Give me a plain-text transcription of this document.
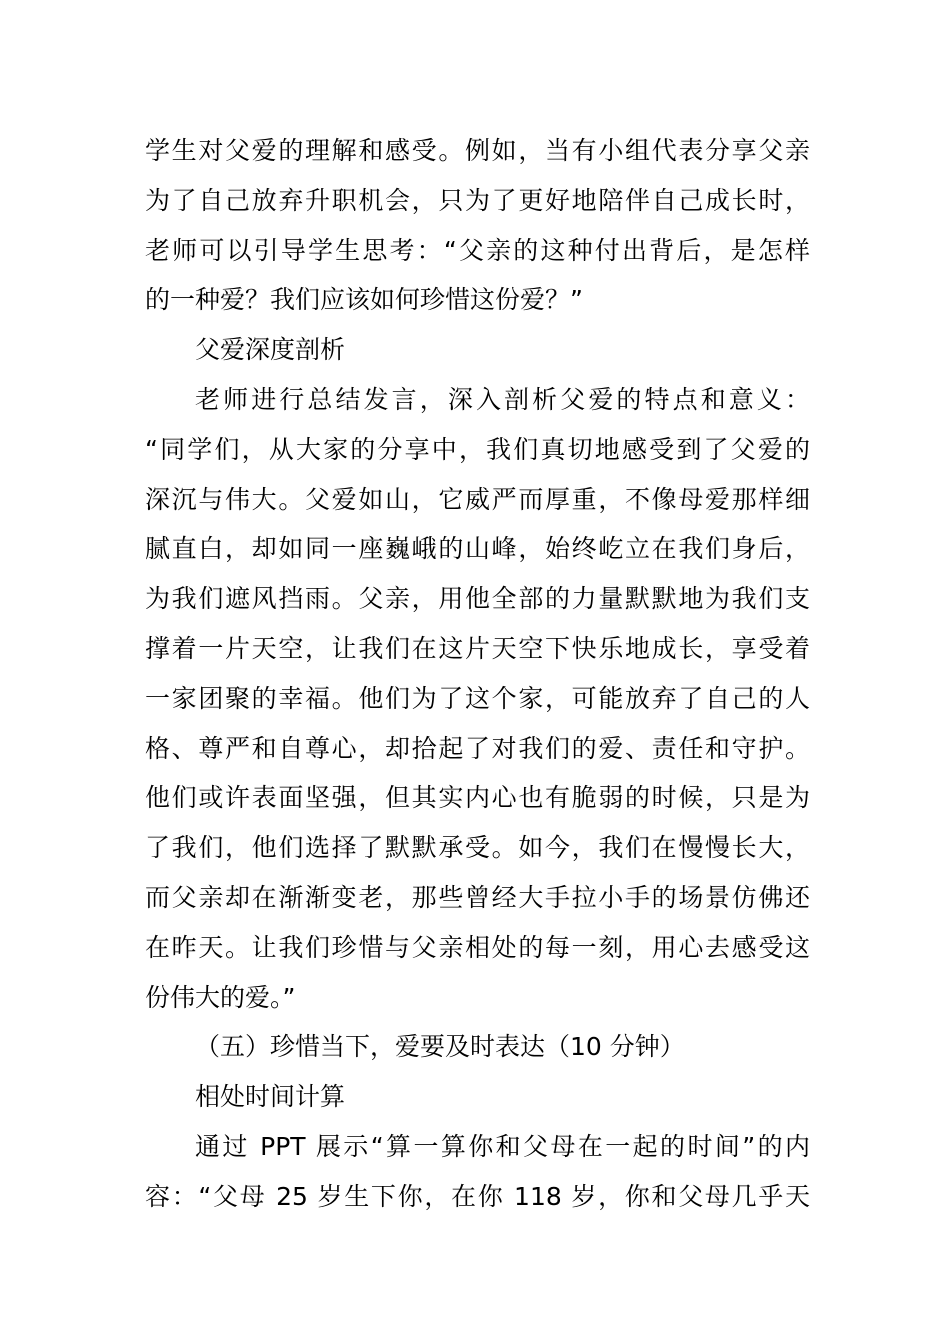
学生对父爱的理解和感受。例如，当有小组代表分享父亲
为了自己放弃升职机会，只为了更好地陪伴自己成长时，
老师可以引导学生思考：“父亲的这种付出背后，是怎样
的一种爱？我们应该如何珍惜这份爱？”
父爱深度剖析
老师进行总结发言，深入剖析父爱的特点和意义：
“同学们，从大家的分享中，我们真切地感受到了父爱的
深沉与伟大。父爱如山，它威严而厚重，不像母爱那样细
腻直白，却如同一座巍峨的山峰，始终屹立在我们身后，
为我们遮风挡雨。父亲，用他全部的力量默默地为我们支
撑着一片天空，让我们在这片天空下快乐地成长，享受着
一家团聚的幸福。他们为了这个家，可能放弃了自己的人
格、尊严和自尊心，却拾起了对我们的爱、责任和守护。
他们或许表面坚强，但其实内心也有脆弱的时候，只是为
了我们，他们选择了默默承受。如今，我们在慢慢长大，
而父亲却在渐渐变老，那些曾经大手拉小手的场景仿佛还
在昨天。让我们珍惜与父亲相处的每一刻，用心去感受这
份伟大的爱。”
（五）珍惜当下，爱要及时表达（10 分钟）
相处时间计算
通过 PPT 展示“算一算你和父母在一起的时间”的内
容：“父母 25 岁生下你，在你 118 岁，你和父母几乎天
